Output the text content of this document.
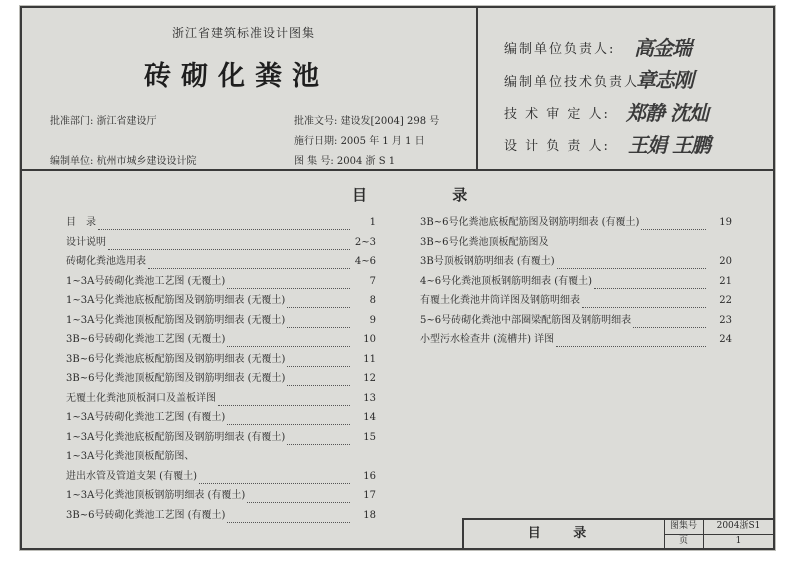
浙江省建筑标准设计图集
砖砌化粪池
批准部门: 浙江省建设厅
编制单位: 杭州市城乡建设设计院
批准文号: 建设发[2004] 298 号
施行日期: 2005 年 1 月 1 日
图 集 号: 2004 浙 S 1
编制单位负责人: 高金瑞
编制单位技术负责人:
章志刚
技 术 审 定 人: 郑静 沈灿
设 计 负 责 人: 王娟 王鹏
目 录
目　录	1
设计说明	2~3
砖砌化粪池选用表	4~6
1~3A号砖砌化粪池工艺图 (无覆土)	7
1~3A号化粪池底板配筋图及钢筋明细表 (无覆土)	8
1~3A号化粪池顶板配筋图及钢筋明细表 (无覆土)	9
3B~6号砖砌化粪池工艺图 (无覆土)	10
3B~6号化粪池底板配筋图及钢筋明细表 (无覆土)	11
3B~6号化粪池顶板配筋图及钢筋明细表 (无覆土)	12
无覆土化粪池顶板洞口及盖板详图	13
1~3A号砖砌化粪池工艺图 (有覆土)	14
1~3A号化粪池底板配筋图及钢筋明细表 (有覆土)	15
1~3A号化粪池顶板配筋图、
进出水管及管道支架 (有覆土)	16
1~3A号化粪池顶板钢筋明细表 (有覆土)	17
3B~6号砖砌化粪池工艺图 (有覆土)	18
3B~6号化粪池底板配筋图及钢筋明细表 (有覆土)	19
3B~6号化粪池顶板配筋图及
3B号顶板钢筋明细表 (有覆土)	20
4~6号化粪池顶板钢筋明细表 (有覆土)	21
有覆土化粪池井筒详图及钢筋明细表	22
5~6号砖砌化粪池中部圈梁配筋图及钢筋明细表	23
小型污水检查井 (流槽井) 详图	24
目 录	图集号	2004浙S1
页	1
